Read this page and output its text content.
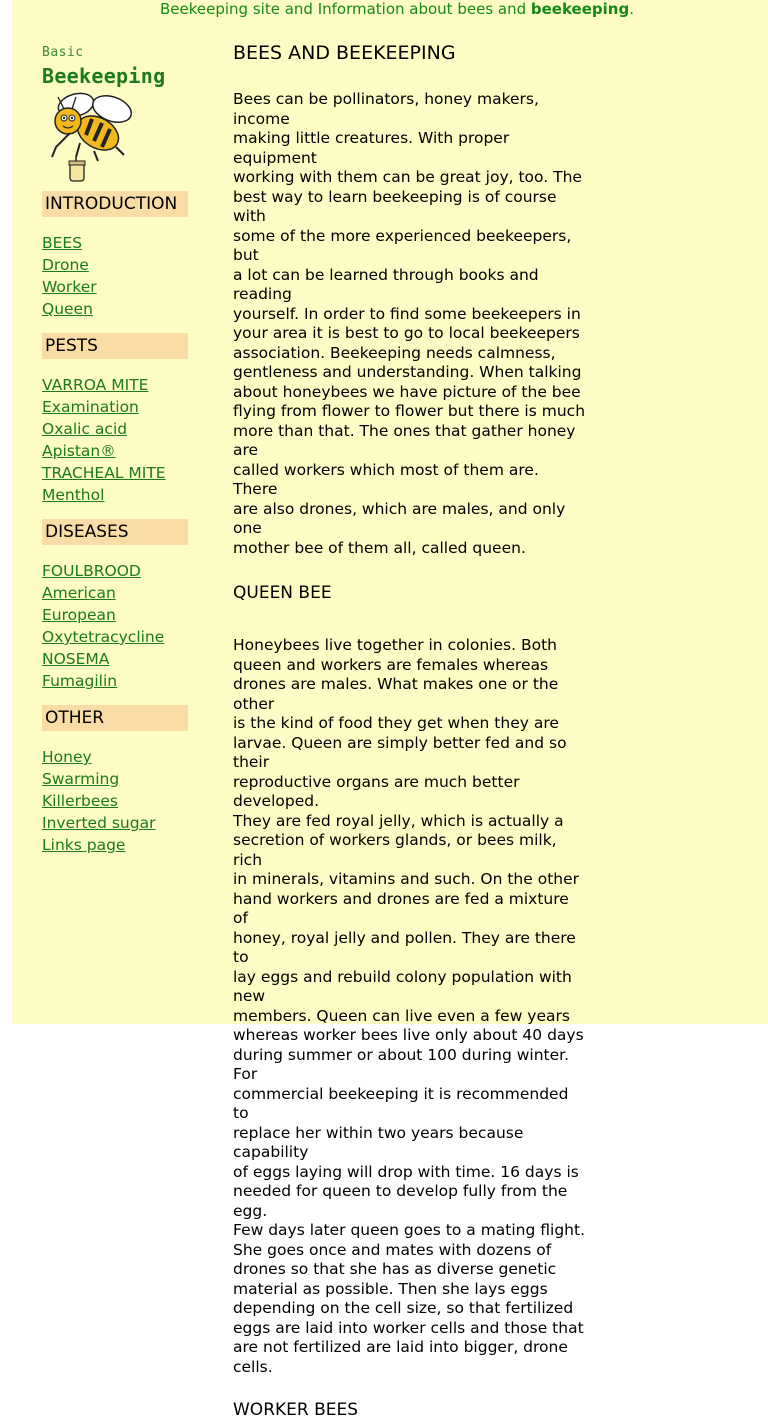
Beekeeping site and Information about bees and beekeeping.
Basic
Beekeeping
INTRODUCTION
BEES
Drone
Worker
Queen
PESTS
VARROA MITE
Examination
Oxalic acid
Apistan®
TRACHEAL MITE
Menthol
DISEASES
FOULBROOD
American
European
Oxytetracycline
NOSEMA
Fumagilin
OTHER
Honey
Swarming
Killerbees
Inverted sugar
Links page
BEES AND BEEKEEPING

Bees can be pollinators, honey makers, income

making little creatures. With proper equipment

working with them can be great joy, too. The

best way to learn beekeeping is of course with

some of the more experienced beekeepers, but

a lot can be learned through books and reading

yourself. In order to find some beekeepers in

your area it is best to go to local beekeepers

association. Beekeeping needs calmness,

gentleness and understanding. When talking

about honeybees we have picture of the bee

flying from flower to flower but there is much

more than that. The ones that gather honey are

called workers which most of them are. There

are also drones, which are males, and only one

mother bee of them all, called queen.

QUEEN BEE

Honeybees live together in colonies. Both

queen and workers are females whereas

drones are males. What makes one or the other

is the kind of food they get when they are

larvae. Queen are simply better fed and so their

reproductive organs are much better developed.

They are fed royal jelly, which is actually a

secretion of workers glands, or bees milk, rich

in minerals, vitamins and such. On the other

hand workers and drones are fed a mixture of

honey, royal jelly and pollen. They are there to

lay eggs and rebuild colony population with new

members. Queen can live even a few years

whereas worker bees live only about 40 days

during summer or about 100 during winter. For

commercial beekeeping it is recommended to

replace her within two years because capability

of eggs laying will drop with time. 16 days is

needed for queen to develop fully from the egg.

Few days later queen goes to a mating flight.

She goes once and mates with dozens of

drones so that she has as diverse genetic

material as possible. Then she lays eggs

depending on the cell size, so that fertilized

eggs are laid into worker cells and those that

are not fertilized are laid into bigger, drone cells.

WORKER BEES
